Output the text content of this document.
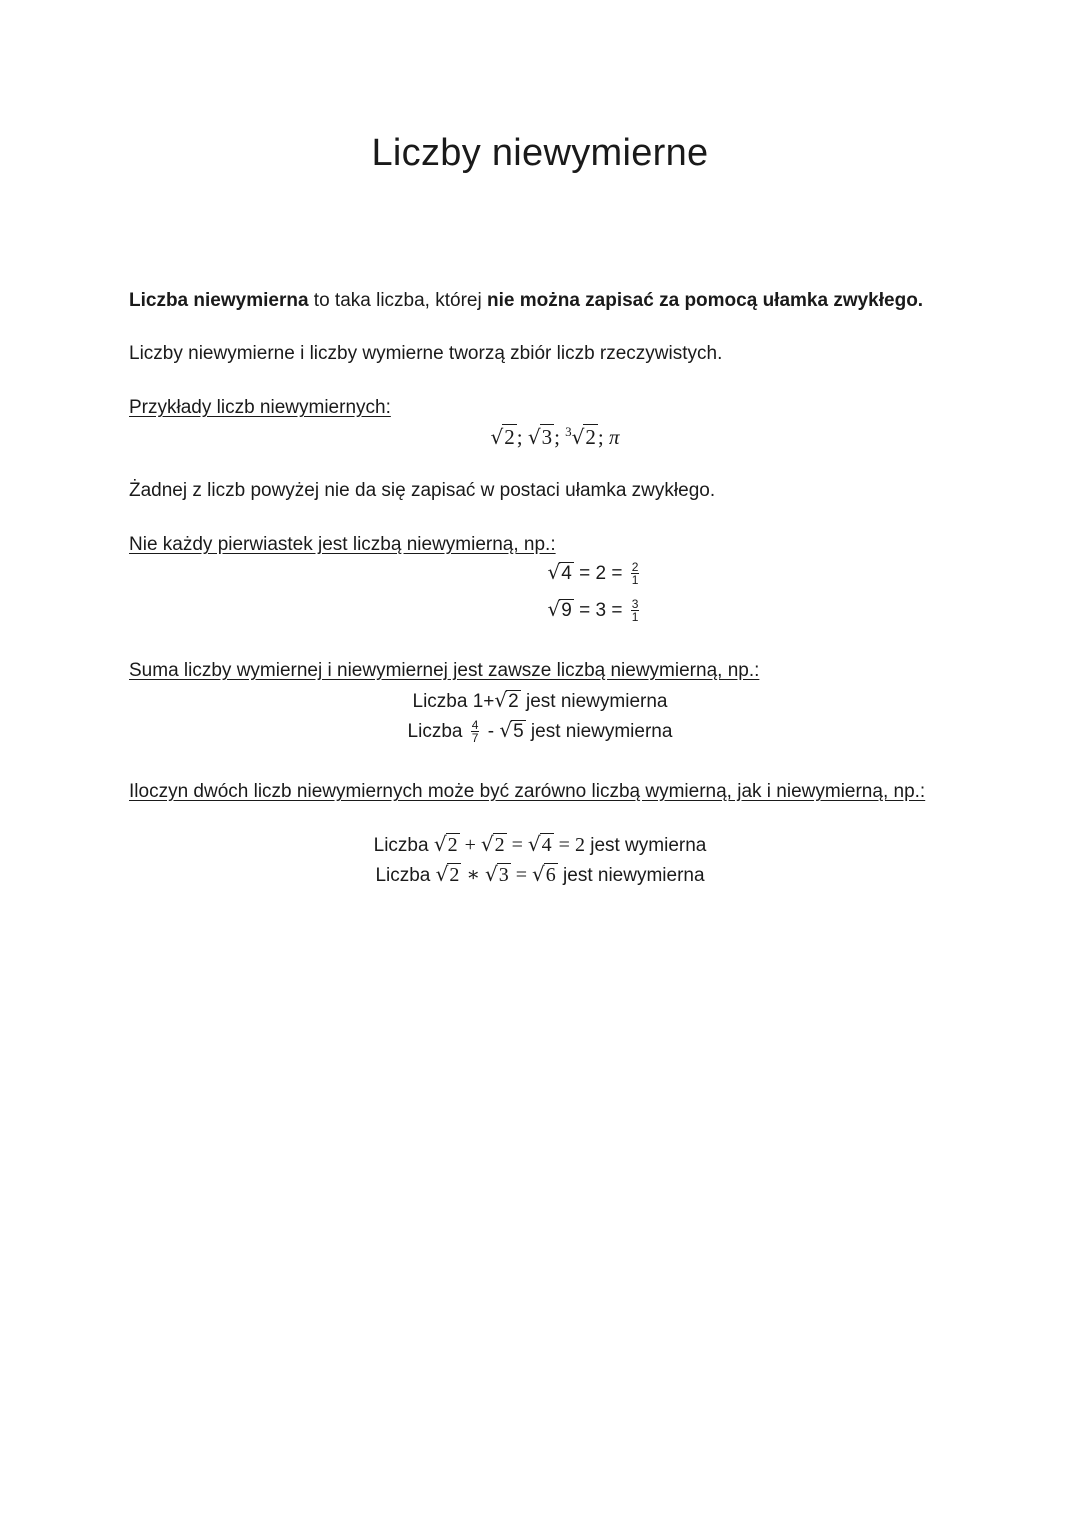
Liczby niewymierne
Liczba niewymierna to taka liczba, której nie można zapisać za pomocą ułamka zwykłego.
Liczby niewymierne i liczby wymierne tworzą zbiór liczb rzeczywistych.
Przykłady liczb niewymiernych:
√2; √3; $^3$√2; π
Żadnej z liczb powyżej nie da się zapisać w postaci ułamka zwykłego.
Nie każdy pierwiastek jest liczbą niewymierną, np.:
$√4 = 2 = \frac{2}{1}$
$√9 = 3 = \frac{3}{1}$
Suma liczby wymiernej i niewymiernej jest zawsze liczbą niewymierną, np.:
Liczba 1+√2 jest niewymierna
Liczba $\frac{4}{7} - √5$ jest niewymierna
Iloczyn dwóch liczb niewymiernych może być zarówno liczbą wymierną, jak i niewymierną, np.:
Liczba √2 + √2 = √4 = 2 jest wymierna
Liczba √2 ∗ √3 = √6 jest niewymierna
